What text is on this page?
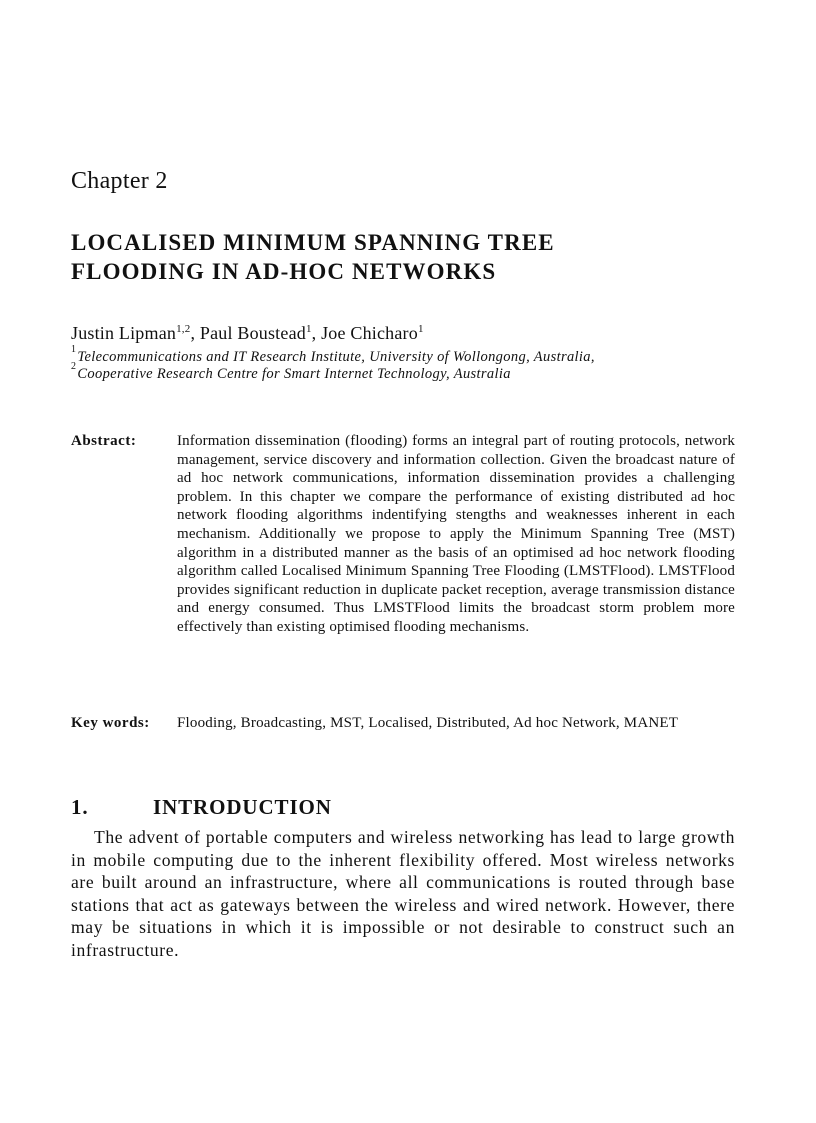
Chapter 2
LOCALISED MINIMUM SPANNING TREE
FLOODING IN AD-HOC NETWORKS
Justin Lipman$^{1,2}$, Paul Boustead$^1$, Joe Chicharo$^1$
$^1$Telecommunications and IT Research Institute, University of Wollongong, Australia,
$^2$Cooperative Research Centre for Smart Internet Technology, Australia
Abstract:	Information dissemination (flooding) forms an integral part of routing protocols, network management, service discovery and information collection. Given the broadcast nature of ad hoc network communications, information dissemination provides a challenging problem. In this chapter we compare the performance of existing distributed ad hoc network flooding algorithms indentifying stengths and weaknesses inherent in each mechanism. Additionally we propose to apply the Minimum Spanning Tree (MST) algorithm in a distributed manner as the basis of an optimised ad hoc network flooding algorithm called Localised Minimum Spanning Tree Flooding (LMSTFlood). LMSTFlood provides significant reduction in duplicate packet reception, average transmission distance and energy consumed. Thus LMSTFlood limits the broadcast storm problem more effectively than existing optimised flooding mechanisms.
Key words: Flooding, Broadcasting, MST, Localised, Distributed, Ad hoc Network, MANET
1.	INTRODUCTION

The advent of portable computers and wireless networking has lead to large growth in mobile computing due to the inherent flexibility offered. Most wireless networks are built around an infrastructure, where all communications is routed through base stations that act as gateways between the wireless and wired network. However, there may be situations in which it is impossible or not desirable to construct such an infrastructure.
